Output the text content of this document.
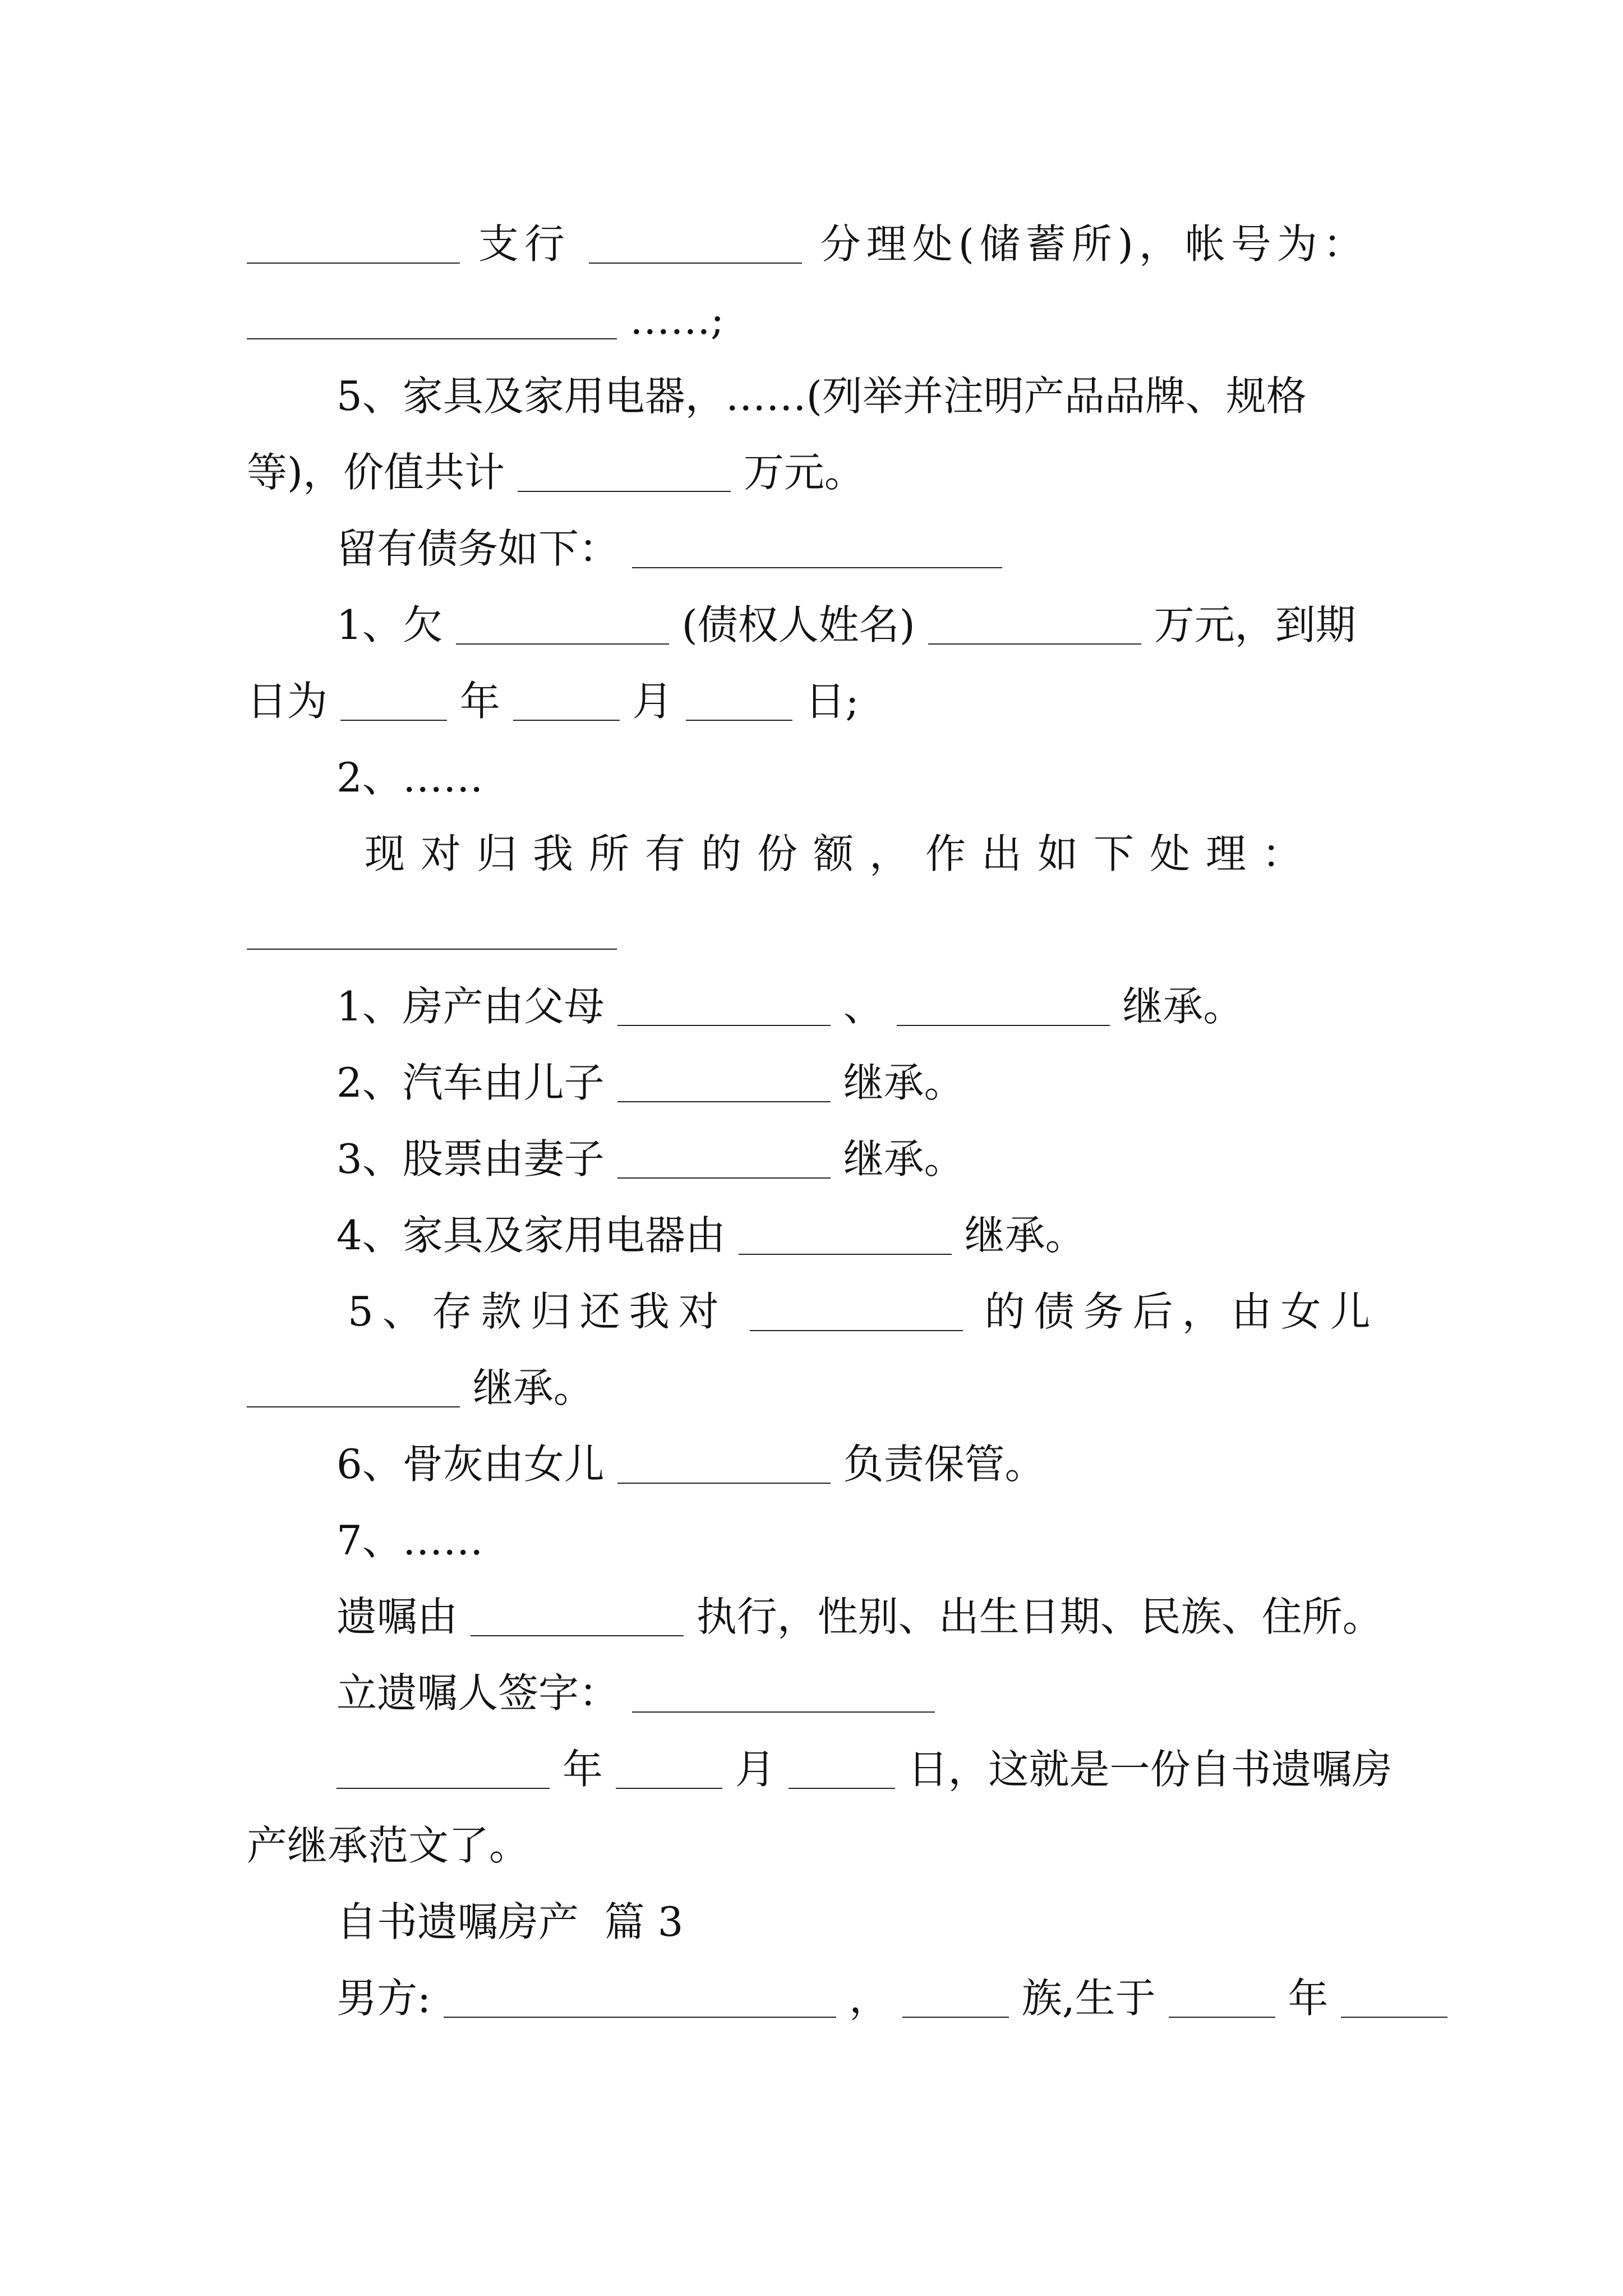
支行	分理处(储蓄所)，帐号为：
……;
5、家具及家用电器，……(列举并注明产品品牌、规格
等)，价值共计	万元。
留有债务如下：
1、欠	(债权人姓名)	万元，到期
日为	年	月	日;
2、……
现对归我所有的份额，作出如下处理：
1、房产由父母	、	继承。
2、汽车由儿子	继承。
3、股票由妻子	继承。
4、家具及家用电器由	继承。
5、存款归还我对	的债务后，由女儿
继承。
6、骨灰由女儿	负责保管。
7、……
遗嘱由	执行，性别、出生日期、民族、住所。
立遗嘱人签字：
年	月	日，这就是一份自书遗嘱房
产继承范文了。
自书遗嘱房产  篇 3
男方:	，	族,生于	年
